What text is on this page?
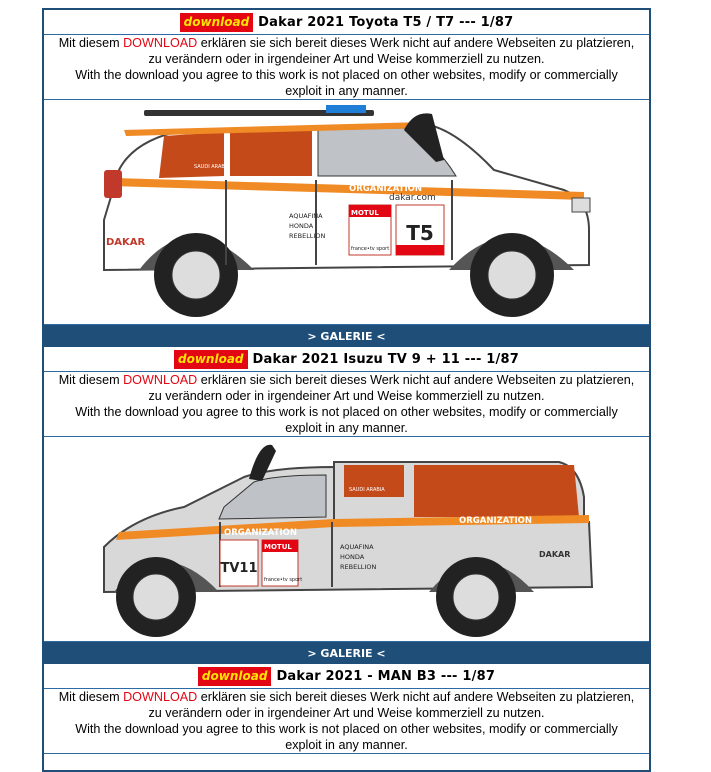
download Dakar 2021 Toyota T5 / T7 --- 1/87
Mit diesem DOWNLOAD erklären sie sich bereit dieses Werk nicht auf andere Webseiten zu platzieren,
zu verändern oder in irgendeiner Art und Weise kommerziell zu nutzen.
With the download you agree to this work is not placed on other websites, modify or commercially
exploit in any manner.
T5
ORGANIZATION
dakar.com
DAKAR
AQUAFINA
HONDA
REBELLION
MOTUL
france•tv sport
SAUDI ARABIA
> GALERIE <
download Dakar 2021 Isuzu TV 9 + 11 --- 1/87
Mit diesem DOWNLOAD erklären sie sich bereit dieses Werk nicht auf andere Webseiten zu platzieren,
zu verändern oder in irgendeiner Art und Weise kommerziell zu nutzen.
With the download you agree to this work is not placed on other websites, modify or commercially
exploit in any manner.
TV11
ORGANIZATION
ORGANIZATION
DAKAR
AQUAFINA
HONDA
REBELLION
MOTUL
france•tv sport
SAUDI ARABIA
> GALERIE <
download Dakar 2021 - MAN B3 --- 1/87
Mit diesem DOWNLOAD erklären sie sich bereit dieses Werk nicht auf andere Webseiten zu platzieren,
zu verändern oder in irgendeiner Art und Weise kommerziell zu nutzen.
With the download you agree to this work is not placed on other websites, modify or commercially
exploit in any manner.
